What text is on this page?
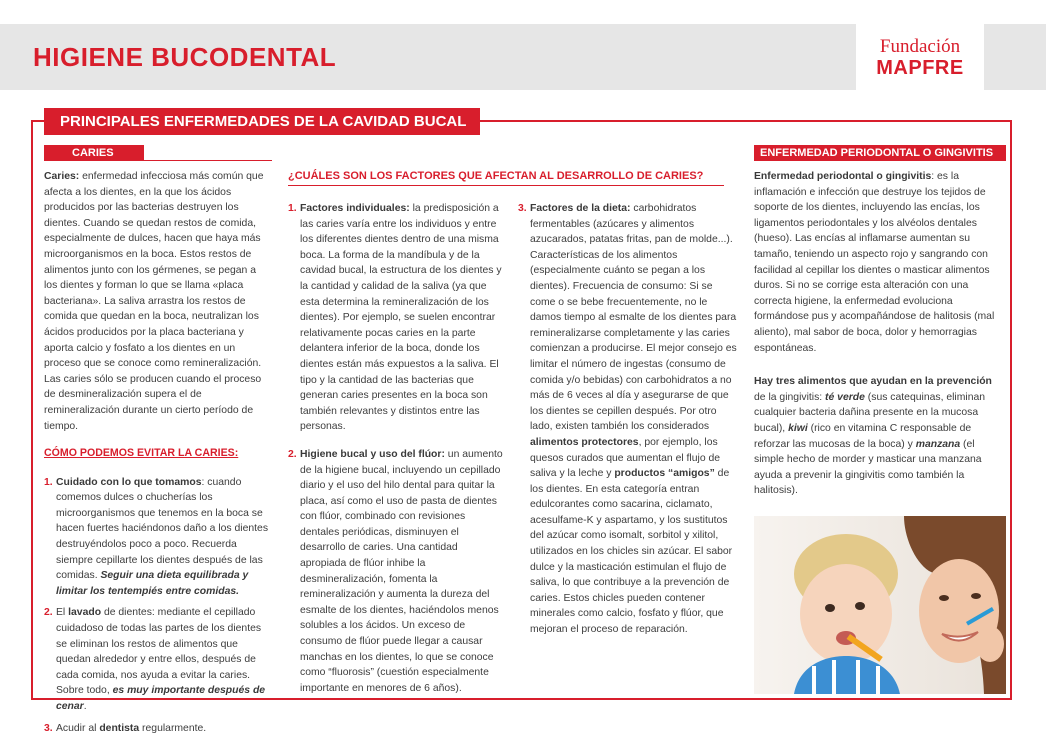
HIGIENE BUCODENTAL	Fundación
MAPFRE
PRINCIPALES ENFERMEDADES DE LA CAVIDAD BUCAL
CARIES

Caries: enfermedad infecciosa más común que afecta a los dientes, en la que los ácidos producidos por las bacterias destruyen los dientes. Cuando se quedan restos de comida, especialmente de dulces, hacen que haya más microorganismos en la boca. Estos restos de alimentos junto con los gérmenes, se pegan a los dientes y forman lo que se llama «placa bacteriana». La saliva arrastra los restos de comida que quedan en la boca, neutralizan los ácidos producidos por la placa bacteriana y aporta calcio y fosfato a los dientes en un proceso que se conoce como remineralización. Las caries sólo se producen cuando el proceso de desmineralización supera el de remineralización durante un cierto período de tiempo.

CÓMO PODEMOS EVITAR LA CARIES:
1. Cuidado con lo que tomamos: cuando comemos dulces o chucherías los microorganismos que tenemos en la boca se hacen fuertes haciéndonos daño a los dientes destruyéndolos poco a poco. Recuerda siempre cepillarte los dientes después de las comidas. Seguir una dieta equilibrada y limitar los tentempiés entre comidas.
2. El lavado de dientes: mediante el cepillado cuidadoso de todas las partes de los dientes se eliminan los restos de alimentos que quedan alrededor y entre ellos, después de cada comida, nos ayuda a evitar la caries. Sobre todo, es muy importante después de cenar.
3. Acudir al dentista regularmente.
¿CUÁLES SON LOS FACTORES QUE AFECTAN AL DESARROLLO DE CARIES?
1. Factores individuales: la predisposición a las caries varía entre los individuos y entre los diferentes dientes dentro de una misma boca. La forma de la mandíbula y de la cavidad bucal, la estructura de los dientes y la cantidad y calidad de la saliva (ya que esta determina la remineralización de los dientes). Por ejemplo, se suelen encontrar relativamente pocas caries en la parte delantera inferior de la boca, donde los dientes están más expuestos a la saliva. El tipo y la cantidad de las bacterias que generan caries presentes en la boca son también relevantes y distintos entre las personas.
2. Higiene bucal y uso del flúor: un aumento de la higiene bucal, incluyendo un cepillado diario y el uso del hilo dental para quitar la placa, así como el uso de pasta de dientes con flúor, combinado con revisiones dentales periódicas, disminuyen el desarrollo de caries. Una cantidad apropiada de flúor inhibe la desmineralización, fomenta la remineralización y aumenta la dureza del esmalte de los dientes, haciéndolos menos solubles a los ácidos. Un exceso de consumo de flúor puede llegar a causar manchas en los dientes, lo que se conoce como “fluorosis” (cuestión especialmente importante en menores de 6 años).
3. Factores de la dieta: carbohidratos fermentables (azúcares y alimentos azucarados, patatas fritas, pan de molde...). Características de los alimentos (especialmente cuánto se pegan a los dientes). Frecuencia de consumo: Si se come o se bebe frecuentemente, no le damos tiempo al esmalte de los dientes para remineralizarse completamente y las caries comienzan a producirse. El mejor consejo es limitar el número de ingestas (consumo de comida y/o bebidas) con carbohidratos a no más de 6 veces al día y asegurarse de que los dientes se cepillen después. Por otro lado, existen también los considerados alimentos protectores, por ejemplo, los quesos curados que aumentan el flujo de saliva y la leche y productos “amigos” de los dientes. En esta categoría entran edulcorantes como sacarina, ciclamato, acesulfame-K y aspartamo, y los sustitutos del azúcar como isomalt, sorbitol y xilitol, utilizados en los chicles sin azúcar. El sabor dulce y la masticación estimulan el flujo de saliva, lo que contribuye a la prevención de caries. Estos chicles pueden contener minerales como calcio, fosfato y flúor, que mejoran el proceso de reparación.
ENFERMEDAD PERIODONTAL O GINGIVITIS

Enfermedad periodontal o gingivitis: es la inflamación e infección que destruye los tejidos de soporte de los dientes, incluyendo las encías, los ligamentos periodontales y los alvéolos dentales (hueso). Las encías al inflamarse aumentan su tamaño, teniendo un aspecto rojo y sangrando con facilidad al cepillar los dientes o masticar alimentos duros. Si no se corrige esta alteración con una correcta higiene, la enfermedad evoluciona formándose pus y acompañándose de halitosis (mal aliento), mal sabor de boca, dolor y hemorragias espontáneas.

Hay tres alimentos que ayudan en la prevención de la gingivitis: té verde (sus catequinas, eliminan cualquier bacteria dañina presente en la mucosa bucal), kiwi (rico en vitamina C responsable de reforzar las mucosas de la boca) y manzana (el simple hecho de morder y masticar una manzana ayuda a prevenir la gingivitis como también la halitosis).
